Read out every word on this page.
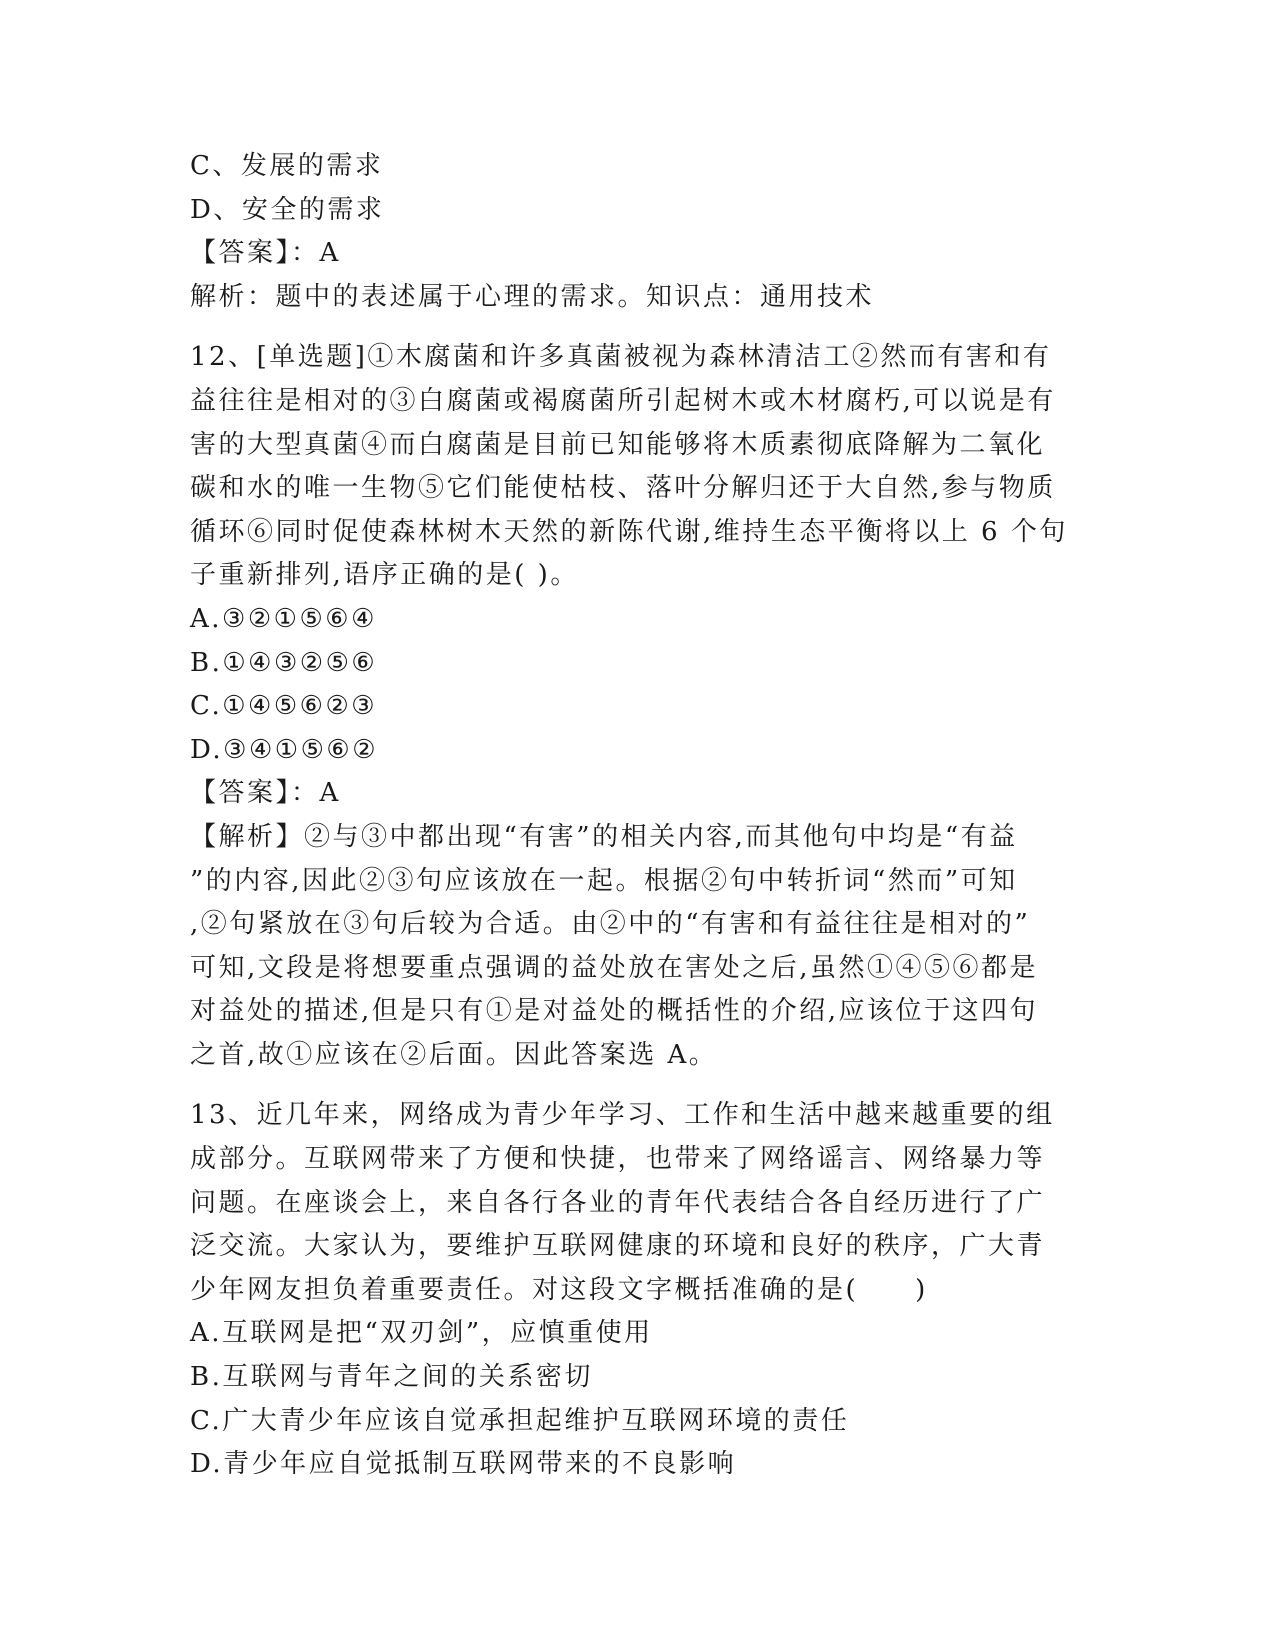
C、发展的需求
D、安全的需求
【答案】：A
解析：题中的表述属于心理的需求。知识点：通用技术
12、[单选题]①木腐菌和许多真菌被视为森林清洁工②然而有害和有
益往往是相对的③白腐菌或褐腐菌所引起树木或木材腐朽,可以说是有
害的大型真菌④而白腐菌是目前已知能够将木质素彻底降解为二氧化
碳和水的唯一生物⑤它们能使枯枝、落叶分解归还于大自然,参与物质
循环⑥同时促使森林树木天然的新陈代谢,维持生态平衡将以上 6 个句
子重新排列,语序正确的是( )。
A.③②①⑤⑥④
B.①④③②⑤⑥
C.①④⑤⑥②③
D.③④①⑤⑥②
【答案】：A
【解析】②与③中都出现“有害”的相关内容,而其他句中均是“有益
”的内容,因此②③句应该放在一起。根据②句中转折词“然而”可知
,②句紧放在③句后较为合适。由②中的“有害和有益往往是相对的”
可知,文段是将想要重点强调的益处放在害处之后,虽然①④⑤⑥都是
对益处的描述,但是只有①是对益处的概括性的介绍,应该位于这四句
之首,故①应该在②后面。因此答案选 A。
13、近几年来，网络成为青少年学习、工作和生活中越来越重要的组
成部分。互联网带来了方便和快捷，也带来了网络谣言、网络暴力等
问题。在座谈会上，来自各行各业的青年代表结合各自经历进行了广
泛交流。大家认为，要维护互联网健康的环境和良好的秩序，广大青
少年网友担负着重要责任。对这段文字概括准确的是(　　)
A.互联网是把“双刃剑”，应慎重使用
B.互联网与青年之间的关系密切
C.广大青少年应该自觉承担起维护互联网环境的责任
D.青少年应自觉抵制互联网带来的不良影响
